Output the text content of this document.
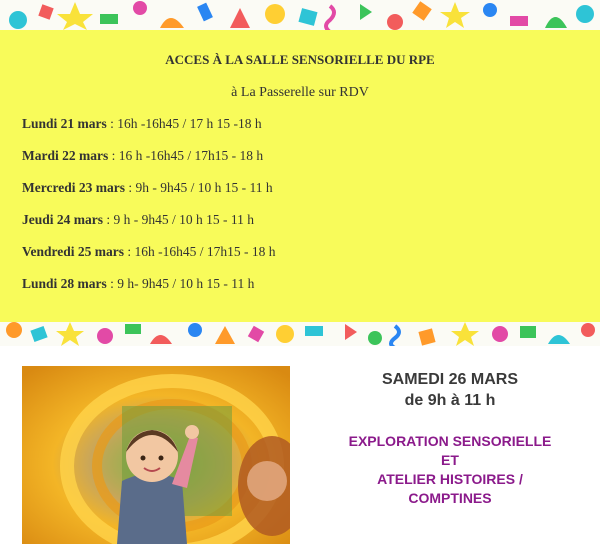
ACCES À LA SALLE SENSORIELLE DU RPE
à La Passerelle sur RDV
Lundi 21 mars : 16h -16h45 / 17 h 15 -18 h
Mardi 22 mars : 16 h -16h45 / 17h15 - 18 h
Mercredi 23 mars : 9h - 9h45 / 10 h 15 - 11 h
Jeudi 24 mars : 9 h - 9h45 / 10 h 15 - 11 h
Vendredi 25 mars : 16h -16h45 / 17h15 - 18 h
Lundi 28 mars : 9 h- 9h45 / 10 h 15 - 11 h
SAMEDI 26 MARS
de 9h à 11 h
EXPLORATION SENSORIELLE
ET
ATELIER HISTOIRES /
COMPTINES
